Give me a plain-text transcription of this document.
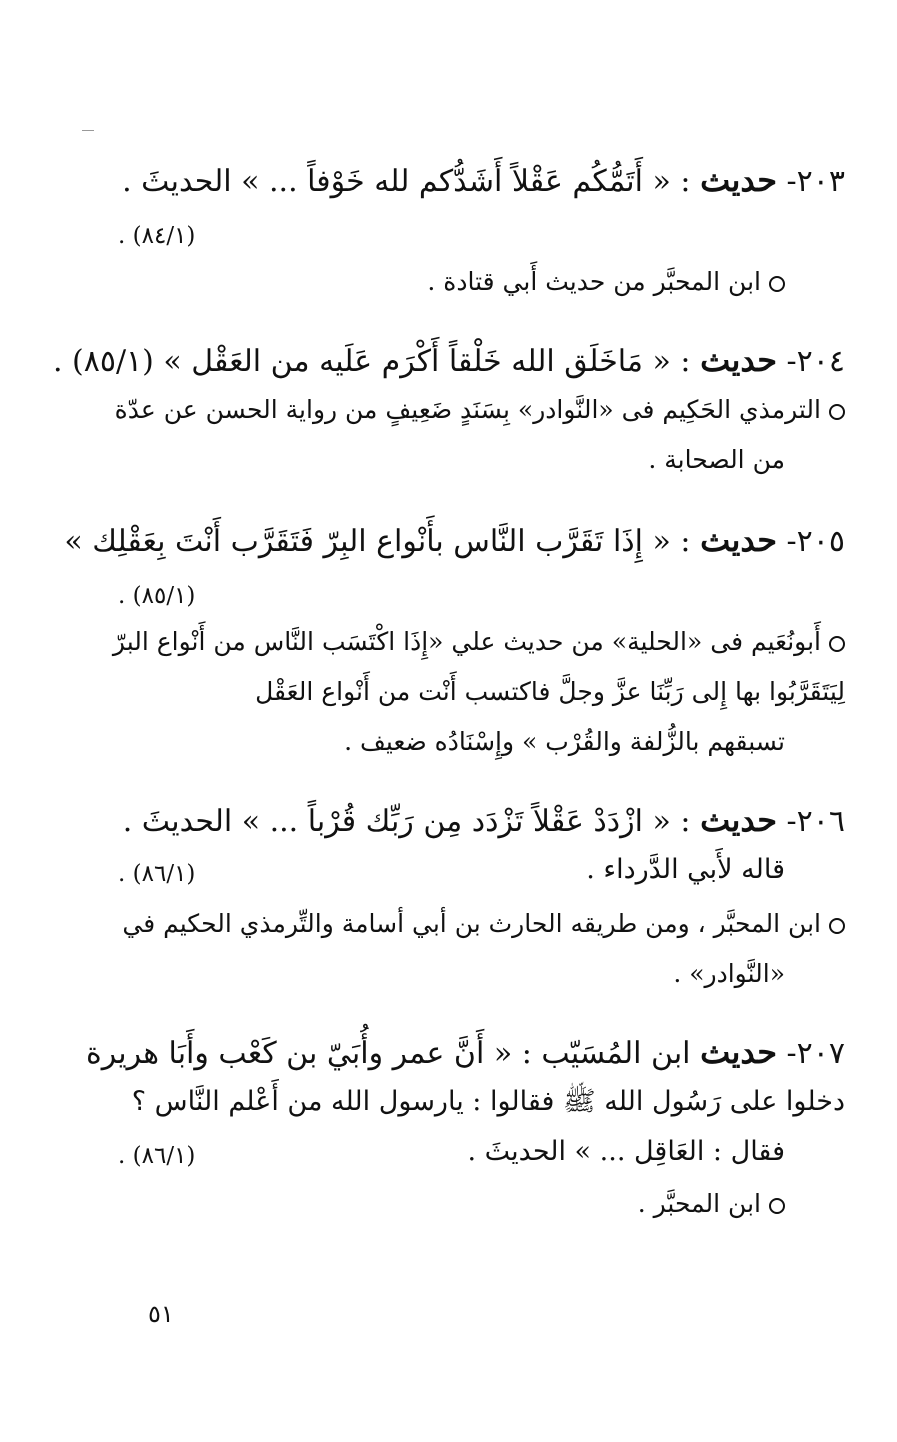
٢٠٣- حديث : « أَتَمُّكُم عَقْلاً أَشَدُّكم لله خَوْفاً ... » الحديثَ .
. (٨٤/١)
ابن المحبَّر من حديث أَبي قتادة .
٢٠٤- حديث : « مَاخَلَق الله خَلْقاً أَكْرَم عَلَيه من العَقْل » (٨٥/١) .
الترمذي الحَكِيم فى «النَّوادر» بِسَنَدٍ ضَعِيفٍ من رواية الحسن عن عدّة
من الصحابة .
٢٠٥- حديث : « إِذَا تَقَرَّب النَّاس بأَنْواع البِرّ فَتَقَرَّب أَنْتَ بِعَقْلِك »
. (٨٥/١)
أَبونُعَيم فى «الحلية» من حديث علي «إِذَا اكْتَسَب النَّاس من أَنْواع البرّ
لِيَتَقَرَّبُوا بها إِلى رَبِّنَا عزَّ وجلَّ فاكتسب أَنْت من أَنْواع العَقْل
تسبقهم بالزُّلفة والقُرْب » وإِسْنَادُه ضعيف .
٢٠٦- حديث : « ازْدَدْ عَقْلاً تَزْدَد مِن رَبِّك قُرْباً ... » الحديثَ .
قاله لأَبي الدَّرداء .
. (٨٦/١)
ابن المحبَّر ، ومن طريقه الحارث بن أبي أسامة والتِّرمذي الحكيم في
«النَّوادر» .
٢٠٧- حديث ابن المُسَيّب : « أَنَّ عمر وأُبَيّ بن كَعْب وأَبَا هريرة
دخلوا على رَسُول الله ﷺ فقالوا : يارسول الله من أَعْلم النَّاس ؟
فقال : العَاقِل ... » الحديثَ .
. (٨٦/١)
ابن المحبَّر .
٥١
